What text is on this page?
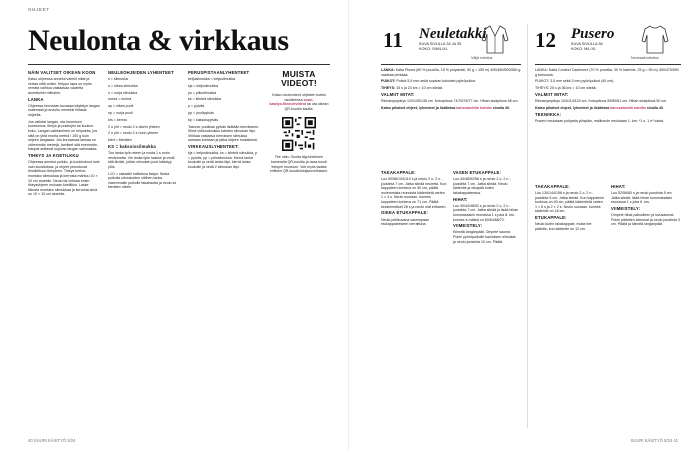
OHJEET
Neulonta & virkkaus
NÄIN VALITSET OIKEAN KOON

Katso ohjeessa annetut valmiit mitat ja vertaa niitä omiisi. Helppo tapa on myös verrata vaihtoa vastaavaa vaatetta annettuihin mittoihin.

LANKA

Ohjeessa kerrotaan kuvassa käytetyn langan materiaali ja arvioitu menekki lihtasia ohjeella.

Jos vaihdat langan, ota huomioon koostumus, tiheys ja pukkojen tai kuukun koko. Langan vaihtaminen on helpointa, jos siitä on yhtä monta metriä / 100 g kuin ohjeen langassa. Jos korvaavaa lankaa on vähemmän metrejä, tarvitset sitä enemmän. Kaupat auttavat sopivan langan valinnassa.

TIHEYS JA KOETILKKU

Ohjeessa annetut puikko- ja koukkukoot ovat vain suosituksia, ja ohjeet perustuvat ilmoitettuun tiheyteen. Tiheys kertoo, montako silmukkaa ja kerrosta mahtuu 10 × 10 cm alueelle. Neulo tai virkkaa ensin tiheysohjeen mukaan koetilkku. Laske tilkusta montako silmukkaa ja kerrosta siinä on 10 × 10 cm alueella.

NEULEOHJEIDEN LYHENTEET

s = silmukka

o = oikea silmukka

n = nurja silmukka

nurea = nurina

op = oikea puoli

np = nurja puoli

krs = kerros

2 o yht = neulo 2 s oikein yhteen

2 n yht = neulo 2 s nurin yhteen

kiert = kiertäen

KS = kaksoissilmukka

Tuo lanka työn eteen ja nosta 1 s nurin neulematta. Vie lanka työn taakse ja vedä sitä tiiviisti, jolloin silmukan juuri kääntyy ylös.

L1O = vakaalle kallistuva lisäys: Nosta puikolla silmukoiden välinen lanka vasemmalle puikolle takakautta ja neulo se kiertäen oikein.

PERUSPISTAANLYHENTEET

ketjusilmukka = ketjusilmukka

kjs = ketjusilmukka

ps = piilosilmukka

ks = kiinteä silmukka

p = pylväs

pp = puolipylväs

kp = kaksoispylväs

Tasona: puolikas pylväs lisätään kerrokseen. Siirrä virkkuukoukku kahden silmukan läpi. Virkkaa vastaava kerroksen silmukka samaan kohtaan ja jatka ohjeen mukaisesti.

VIRKKAUSLYHENTEET:

kjs = ketjusilmukka, ks = kiinteä silmukka, p = pylväs, pp = piilosilmukka. Kierrä lanka koukulle ja vedä lanka läpi, kierrä lanka koukulle ja vedä 2 silmukan läpi.

MUISTA VIDEOT!
Katso neulevideot ohjeiden tueksi osoitteessa suuri-kasityo.fi/neulevideot tai ota oikean QR-koodin kautta.
Tee näin: Osoita älypuhelimen kameralla QR-koodia ja avaa koodi tietojen muotoon. Voit myös ladata erillisen QR-koodinlukijasovelluksen.
40 SUURI KÄSITYÖ 5/24
11 Neuletakki
KUVA SIVULLA 34 JA 35
KOKO: S/M/L/XL
Väljä mitoitus

LANKA: Katia Pluma (80 % puuvilla, 15 % polyamidi, 50 g = 150 m) 400/450/500/550 g vaaleaa perskaa.

PUIKOT: Puikot 5,5 mm sekä sopivan kokoiset pyöröpuikot.

TIHEYS: 15 s ja 24 krs = 10 cm sileää.

VALMIIT MITAT:

Rinnanympärys 120/130/136 cm. Kokopituus 74/75/76/77 cm. Hihan sisäpituus 48 cm.

Katso pikaiset ohjeet, lyhenteet ja lisätietoa kanssatoiviin kohtiin sivulla 40.

TAKAKAPPALE:

Luo 90/98/104/110 s ja neulo 2 o, 2 n -joustinta 7 cm. Jatka sileää neuletta. Kun kappaleen korkeus on 50 cm, päätä molemmista reunoista kädentietä varten 1 × 4 s. Neulo suoraan, kunnes kappaleen korkeus on 71 cm. Päätä keskimmäiset 28 s ja neulo olat erikseen.

OIKEA ETUKAPPALE:

Neulo peilikuvana vasempaan etukappaleeseen verrattuna.

VASEN ETUKAPPALE:

Luo 44/48/52/56 s ja neulo 2 o, 2 n -joustinta 7 cm. Jatka sileää. Neulo kädentie ja olkapää kuten takakappaleessa.

HIHAT:

Luo 40/44/48/52 s ja neulo 2 o, 2 n -joustinta 7 cm. Jatka sileää ja lisää hihan kummassakin reunassa 1 s joka 8. krs, kunnes s-määrä on 60/64/68/72.

VIIMEISTELY:

Kiinnitä langanpäät. Ompele sauma. Poimi pyöröpuikolle kauluksen silmukat ja neulo joustinta 10 cm. Päätä.

12 Pusero
KUVA SIVULLA 36
KOKO: M/L/XL
Normaali mitoitus

LANKA: Katia Comfort Cashmere (70 % puuvilla, 30 % kashmir, 25 g = 95 m) 400/475/550 g turkoosia.

PUIKOT: 3,5 mm sekä 3 mm pyöröpuikot (40 cm).

TIHEYS: 25 s ja 36 krs = 10 cm sileää.

VALMIIT MITAT:

Rinnanympärys 104/114/124 cm. Kokopituus 59/60/61 cm. Hihan sisäpituus 50 cm.

Katso pikaiset ohjeet, lyhenteet ja lisätietoa kanssatoiviin kohtiin sivulla 40.

TEKNIIKKA:

Pusero neulotaan pohjasta ylöspäin, mallineule neulotaan 1. krs: *1 o, 1 n* toista.

TAKAKAPPALE:

Luo 130/144/156 s ja neulo 2 o, 2 n -joustinta 5 cm. Jatka sileää. Kun kappaleen korkeus on 40 cm, päätä kädentietä varten 1 × 6 s ja 2 × 2 s. Neulo suoraan, kunnes kädentie on 18 cm.

ETUKAPPALE:

Neulo kuten takakappale, mutta tee pääntie, kun kädentie on 12 cm.

HIHAT:

Luo 52/56/60 s ja neulo joustinta 5 cm. Jatka sileää, lisää hihan kummassakin reunassa 1 s joka 6. krs.

VIIMEISTELY:

Ompele hihat paikoilleen ja sivusaumat. Poimi pääntien silmukat ja neulo joustinta 3 cm. Päätä ja kiinnitä langanpäät.

SUURI KÄSITYÖ 5/24 41
